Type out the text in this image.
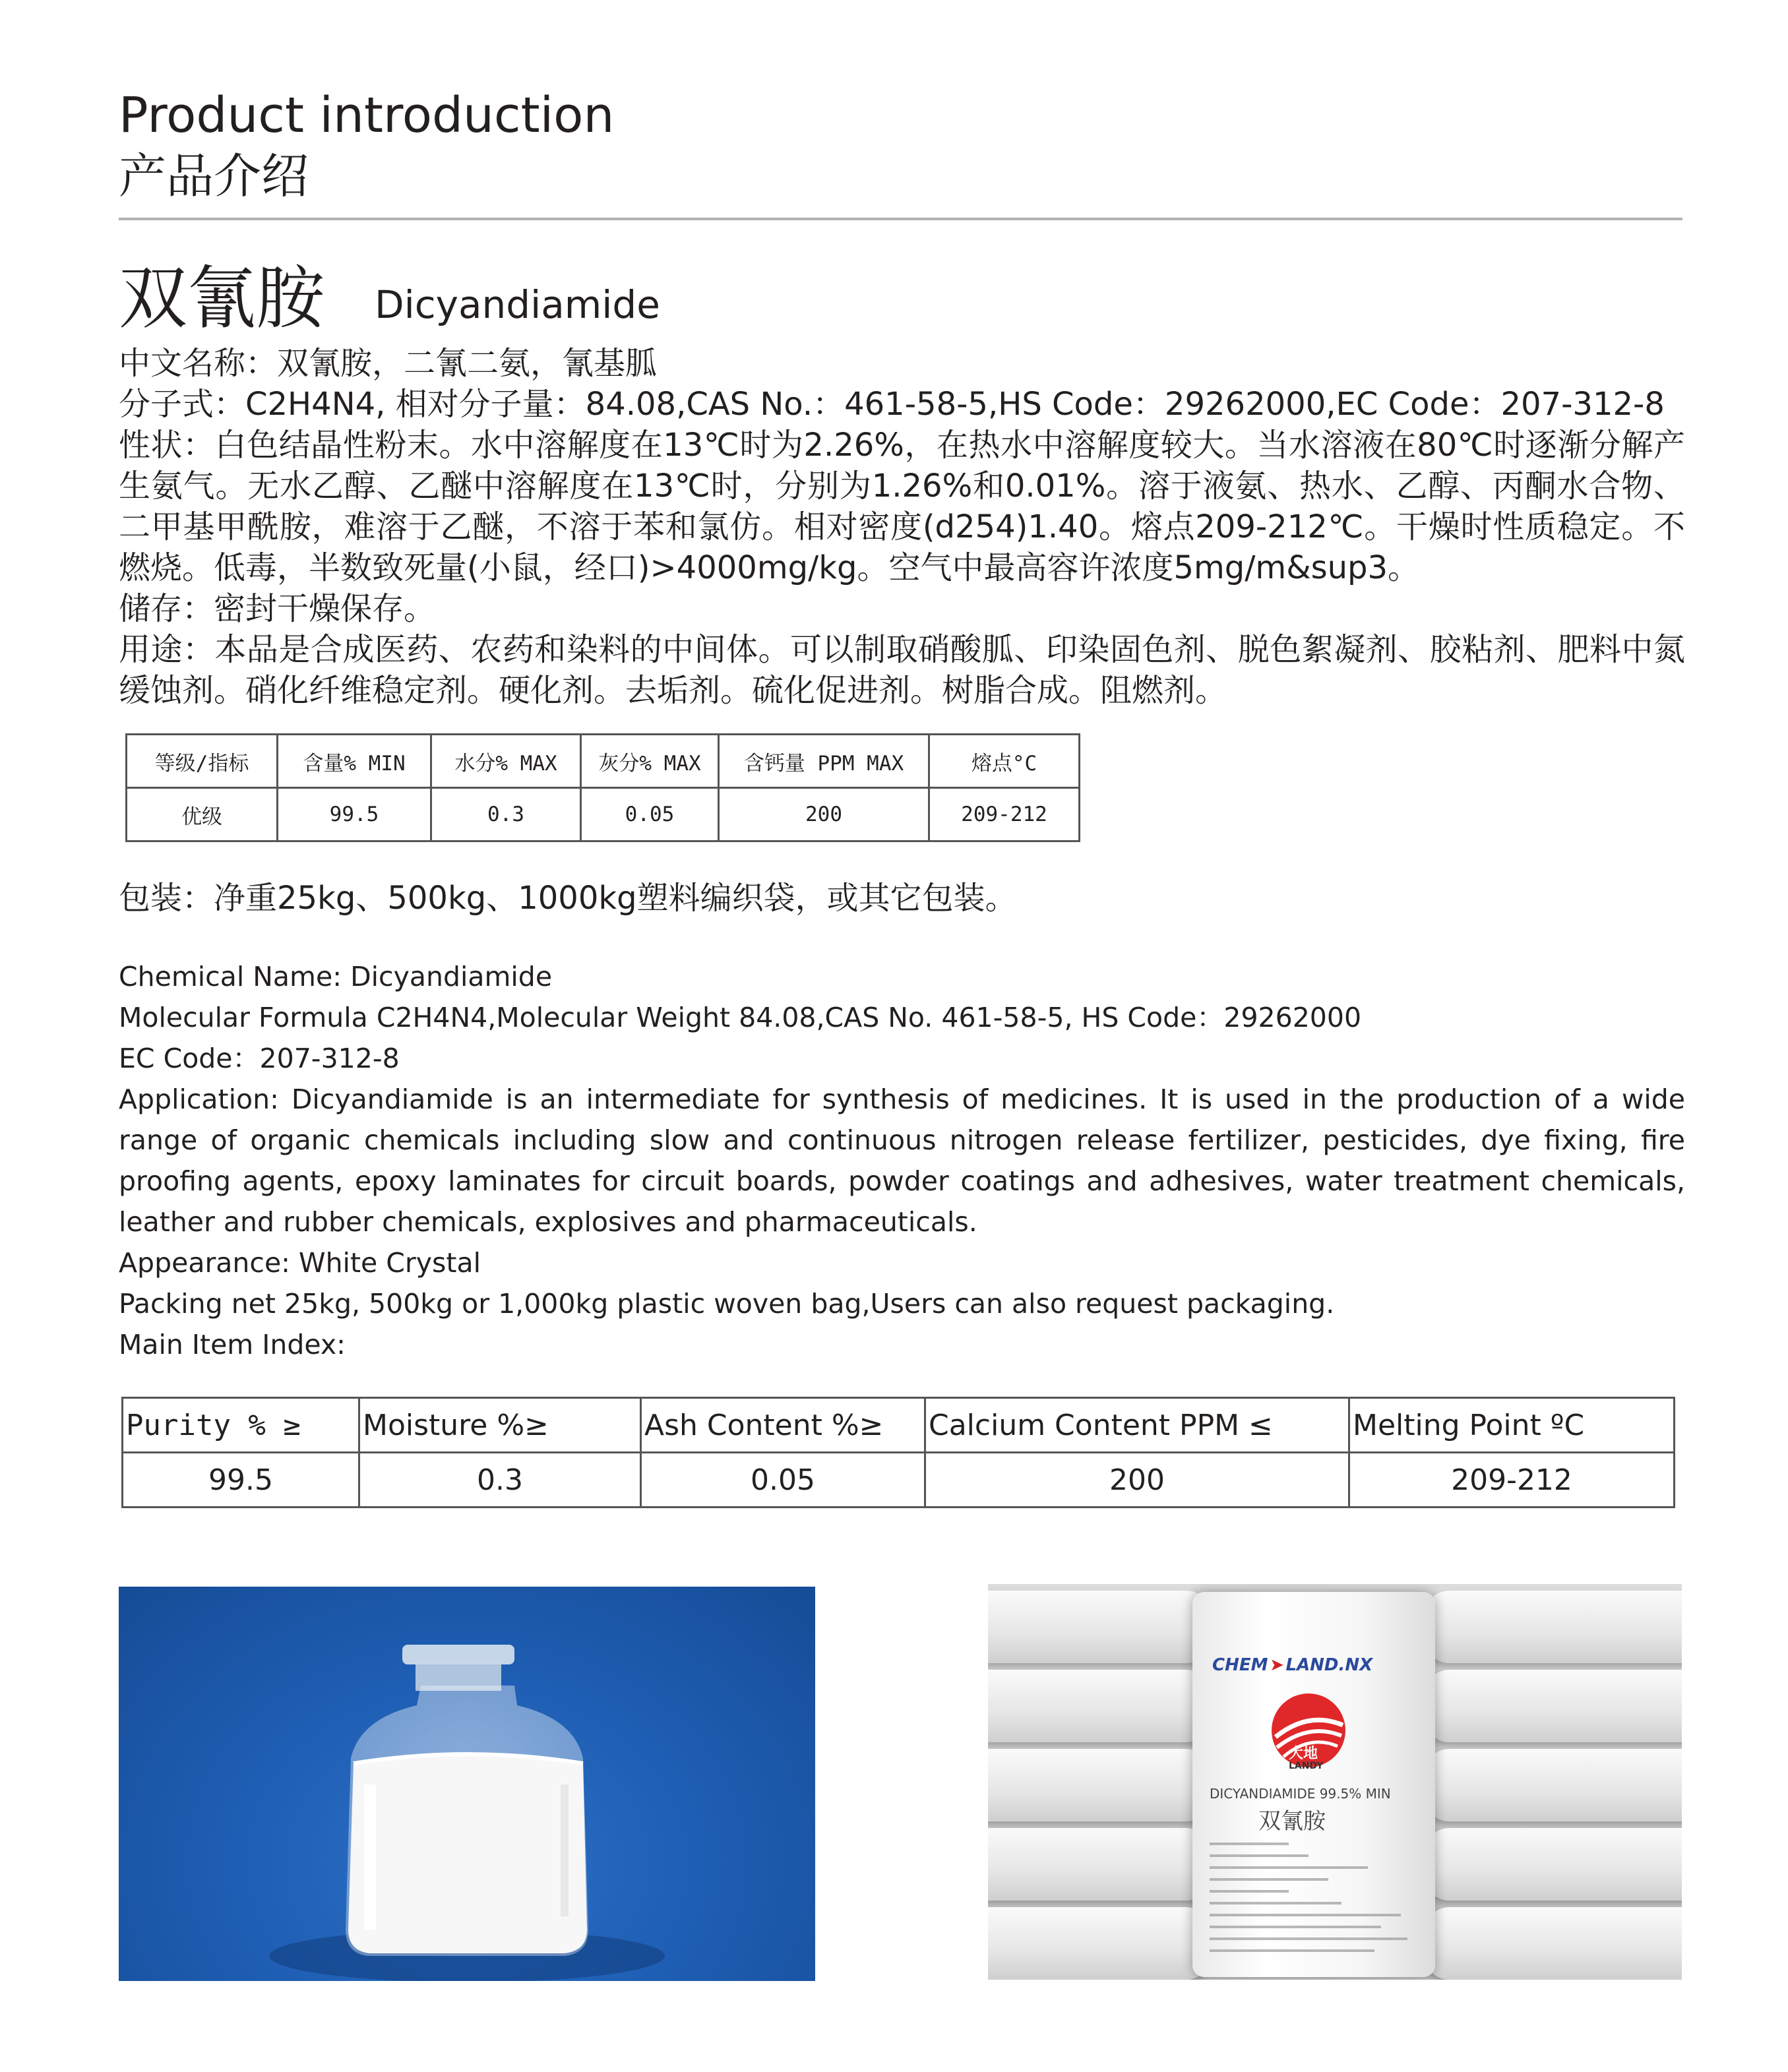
Product introduction
产品介绍
双氰胺 Dicyandiamide

中文名称：双氰胺，二氰二氨，氰基胍

分子式：C2H4N4, 相对分子量：84.08,CAS No.：461-58-5,HS Code：29262000,EC Code：207-312-8

性状：白色结晶性粉末。水中溶解度在13℃时为2.26%，在热水中溶解度较大。当水溶液在80℃时逐渐分解产生氨气。无水乙醇、乙醚中溶解度在13℃时，分别为1.26%和0.01%。溶于液氨、热水、乙醇、丙酮水合物、二甲基甲酰胺，难溶于乙醚，不溶于苯和氯仿。相对密度(d254)1.40。熔点209-212℃。干燥时性质稳定。不燃烧。低毒，半数致死量(小鼠，经口)>4000mg/kg。空气中最高容许浓度5mg/m&sup3。

储存：密封干燥保存。

用途：本品是合成医药、农药和染料的中间体。可以制取硝酸胍、印染固色剂、脱色絮凝剂、胶粘剂、肥料中氮缓蚀剂。硝化纤维稳定剂。硬化剂。去垢剂。硫化促进剂。树脂合成。阻燃剂。

等级/指标	含量% MIN	水分% MAX	灰分% MAX	含钙量 PPM MAX	熔点°C
优级	99.5	0.3	0.05	200	209-212
包装：净重25kg、500kg、1000kg塑料编织袋，或其它包装。

Chemical Name: Dicyandiamide

Molecular Formula C2H4N4,Molecular Weight 84.08,CAS No. 461-58-5, HS Code：29262000

EC Code：207-312-8

Application: Dicyandiamide is an intermediate for synthesis of medicines. It is used in the production of a wide range of organic chemicals including slow and continuous nitrogen release fertilizer, pesticides, dye fixing, fire proofing agents, epoxy laminates for circuit boards, powder coatings and adhesives, water treatment chemicals, leather and rubber chemicals, explosives and pharmaceuticals.

Appearance: White Crystal

Packing net 25kg, 500kg or 1,000kg plastic woven bag,Users can also request packaging.

Main Item Index:

Purity % ≥	Moisture %≥	Ash Content %≥	Calcium Content PPM ≤	Melting Point ºC
99.5	0.3	0.05	200	209-212
CHEM ➤ LAND.NX
大地
LANDY
DICYANDIAMIDE 99.5% MIN
双氰胺
